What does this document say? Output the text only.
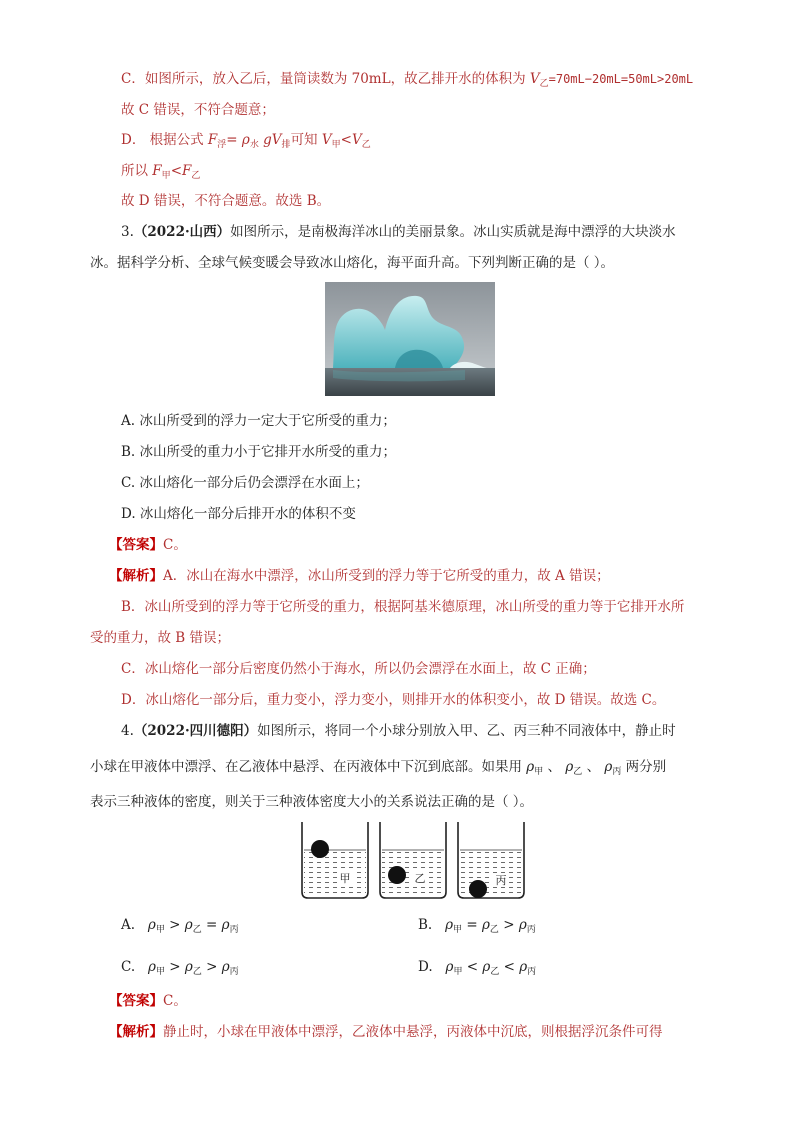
C．如图所示，放入乙后，量筒读数为 70mL，故乙排开水的体积为 $V_乙=70mL-20mL=50mL>20mL$
故 C 错误，不符合题意；
D． 根据公式 $F_浮= \rho_水$ $gV_排$可知 $V_甲<V_乙$
所以 $F_甲<F_乙$
故 D 错误，不符合题意。故选 B。
3.（2022·山西）如图所示，是南极海洋冰山的美丽景象。冰山实质就是海中漂浮的大块淡水
冰。据科学分析、全球气候变暖会导致冰山熔化，海平面升高。下列判断正确的是（ ）。
A. 冰山所受到的浮力一定大于它所受的重力；
B. 冰山所受的重力小于它排开水所受的重力；
C. 冰山熔化一部分后仍会漂浮在水面上；
D. 冰山熔化一部分后排开水的体积不变
【答案】C。
【解析】A．冰山在海水中漂浮，冰山所受到的浮力等于它所受的重力，故 A 错误；
B．冰山所受到的浮力等于它所受的重力，根据阿基米德原理，冰山所受的重力等于它排开水所
受的重力，故 B 错误；
C．冰山熔化一部分后密度仍然小于海水，所以仍会漂浮在水面上，故 C 正确；
D．冰山熔化一部分后，重力变小，浮力变小，则排开水的体积变小，故 D 错误。故选 C。
4.（2022·四川德阳）如图所示，将同一个小球分别放入甲、乙、丙三种不同液体中，静止时
小球在甲液体中漂浮、在乙液体中悬浮、在丙液体中下沉到底部。如果用 $\rho_甲$ 、 $\rho_乙$ 、 $\rho_丙$ 两分别
表示三种液体的密度，则关于三种液体密度大小的关系说法正确的是（ ）。
甲	乙	丙
A. $\rho_甲 > \rho_乙 = \rho_丙$	B. $\rho_甲 = \rho_乙 > \rho_丙$
C. $\rho_甲 > \rho_乙 > \rho_丙$	D. $\rho_甲 < \rho_乙 < \rho_丙$
【答案】C。
【解析】静止时，小球在甲液体中漂浮，乙液体中悬浮，丙液体中沉底，则根据浮沉条件可得
